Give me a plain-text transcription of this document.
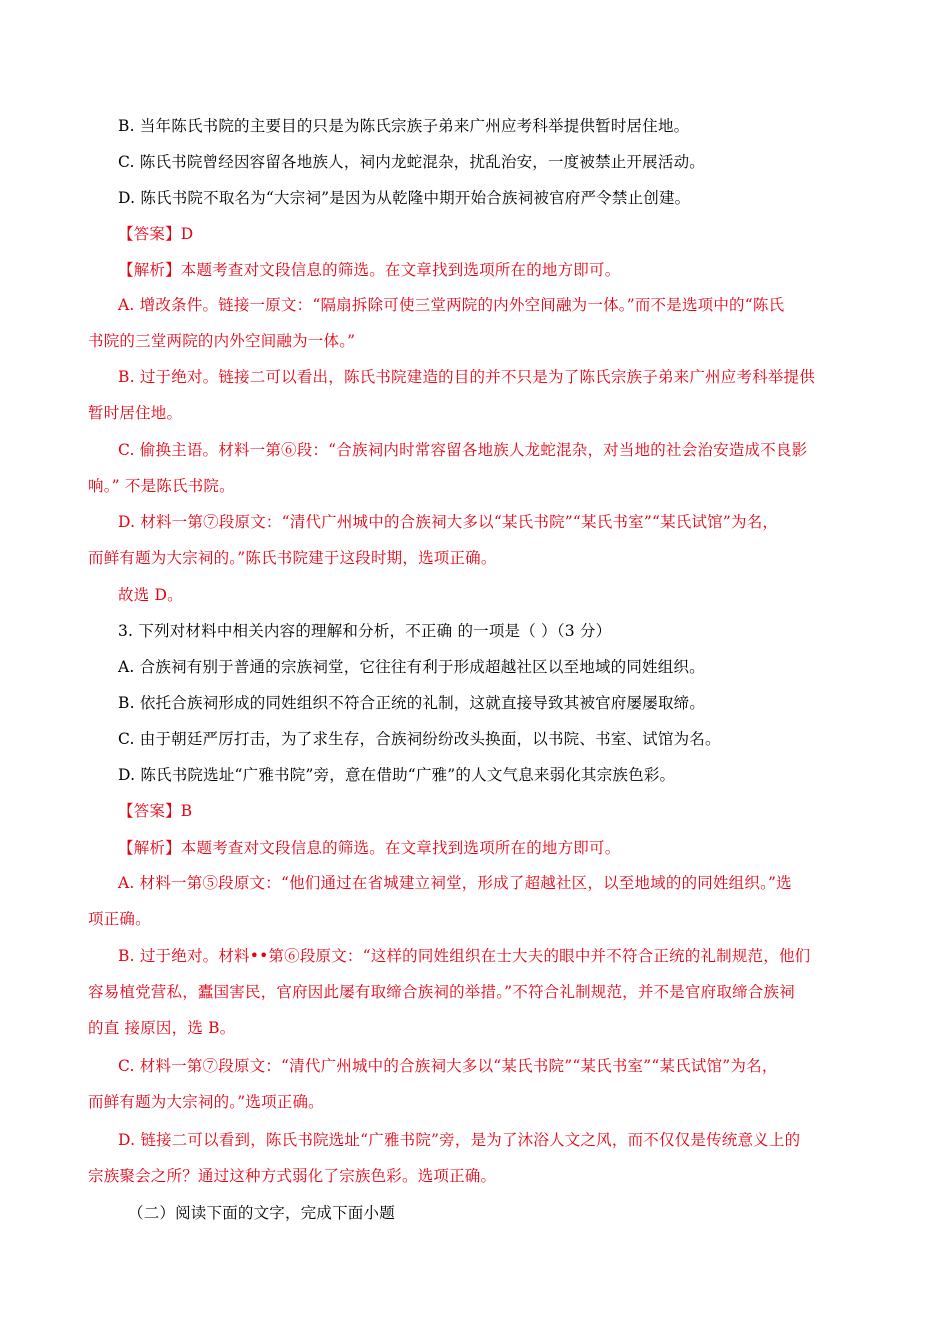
B. 当年陈氏书院的主要目的只是为陈氏宗族子弟来广州应考科举提供暂时居住地。
C. 陈氏书院曾经因容留各地族人，祠内龙蛇混杂，扰乱治安，一度被禁止开展活动。
D. 陈氏书院不取名为“大宗祠”是因为从乾隆中期开始合族祠被官府严令禁止创建。
【答案】D
【解析】本题考查对文段信息的筛选。在文章找到选项所在的地方即可。
A. 增改条件。链接一原文：“隔扇拆除可使三堂两院的内外空间融为一体。”而不是选项中的“陈氏
书院的三堂两院的内外空间融为一体。”
B. 过于绝对。链接二可以看出，陈氏书院建造的目的并不只是为了陈氏宗族子弟来广州应考科举提供
暂时居住地。
C. 偷换主语。材料一第⑥段：“合族祠内时常容留各地族人龙蛇混杂，对当地的社会治安造成不良影
响。” 不是陈氏书院。
D. 材料一第⑦段原文：“清代广州城中的合族祠大多以“某氏书院”“某氏书室”“某氏试馆”为名，
而鲜有题为大宗祠的。”陈氏书院建于这段时期，选项正确。
故选 D。
3. 下列对材料中相关内容的理解和分析，不正确 的一项是（ ）（3 分）
A. 合族祠有别于普通的宗族祠堂，它往往有利于形成超越社区以至地域的同姓组织。
B. 依托合族祠形成的同姓组织不符合正统的礼制，这就直接导致其被官府屡屡取缔。
C. 由于朝廷严厉打击，为了求生存，合族祠纷纷改头换面，以书院、书室、试馆为名。
D. 陈氏书院选址“广雅书院”旁，意在借助“广雅”的人文气息来弱化其宗族色彩。
【答案】B
【解析】本题考查对文段信息的筛选。在文章找到选项所在的地方即可。
A. 材料一第⑤段原文：“他们通过在省城建立祠堂，形成了超越社区，以至地域的的同姓组织。”选
项正确。
B. 过于绝对。材料••第⑥段原文：“这样的同姓组织在士大夫的眼中并不符合正统的礼制规范，他们
容易植党营私，蠹国害民，官府因此屡有取缔合族祠的举措。”不符合礼制规范，并不是官府取缔合族祠
的直 接原因，选 B。
C. 材料一第⑦段原文：“清代广州城中的合族祠大多以“某氏书院”“某氏书室”“某氏试馆”为名，
而鲜有题为大宗祠的。”选项正确。
D. 链接二可以看到，陈氏书院选址“广雅书院”旁，是为了沐浴人文之风，而不仅仅是传统意义上的
宗族聚会之所？通过这种方式弱化了宗族色彩。选项正确。
（二）阅读下面的文字，完成下面小题
